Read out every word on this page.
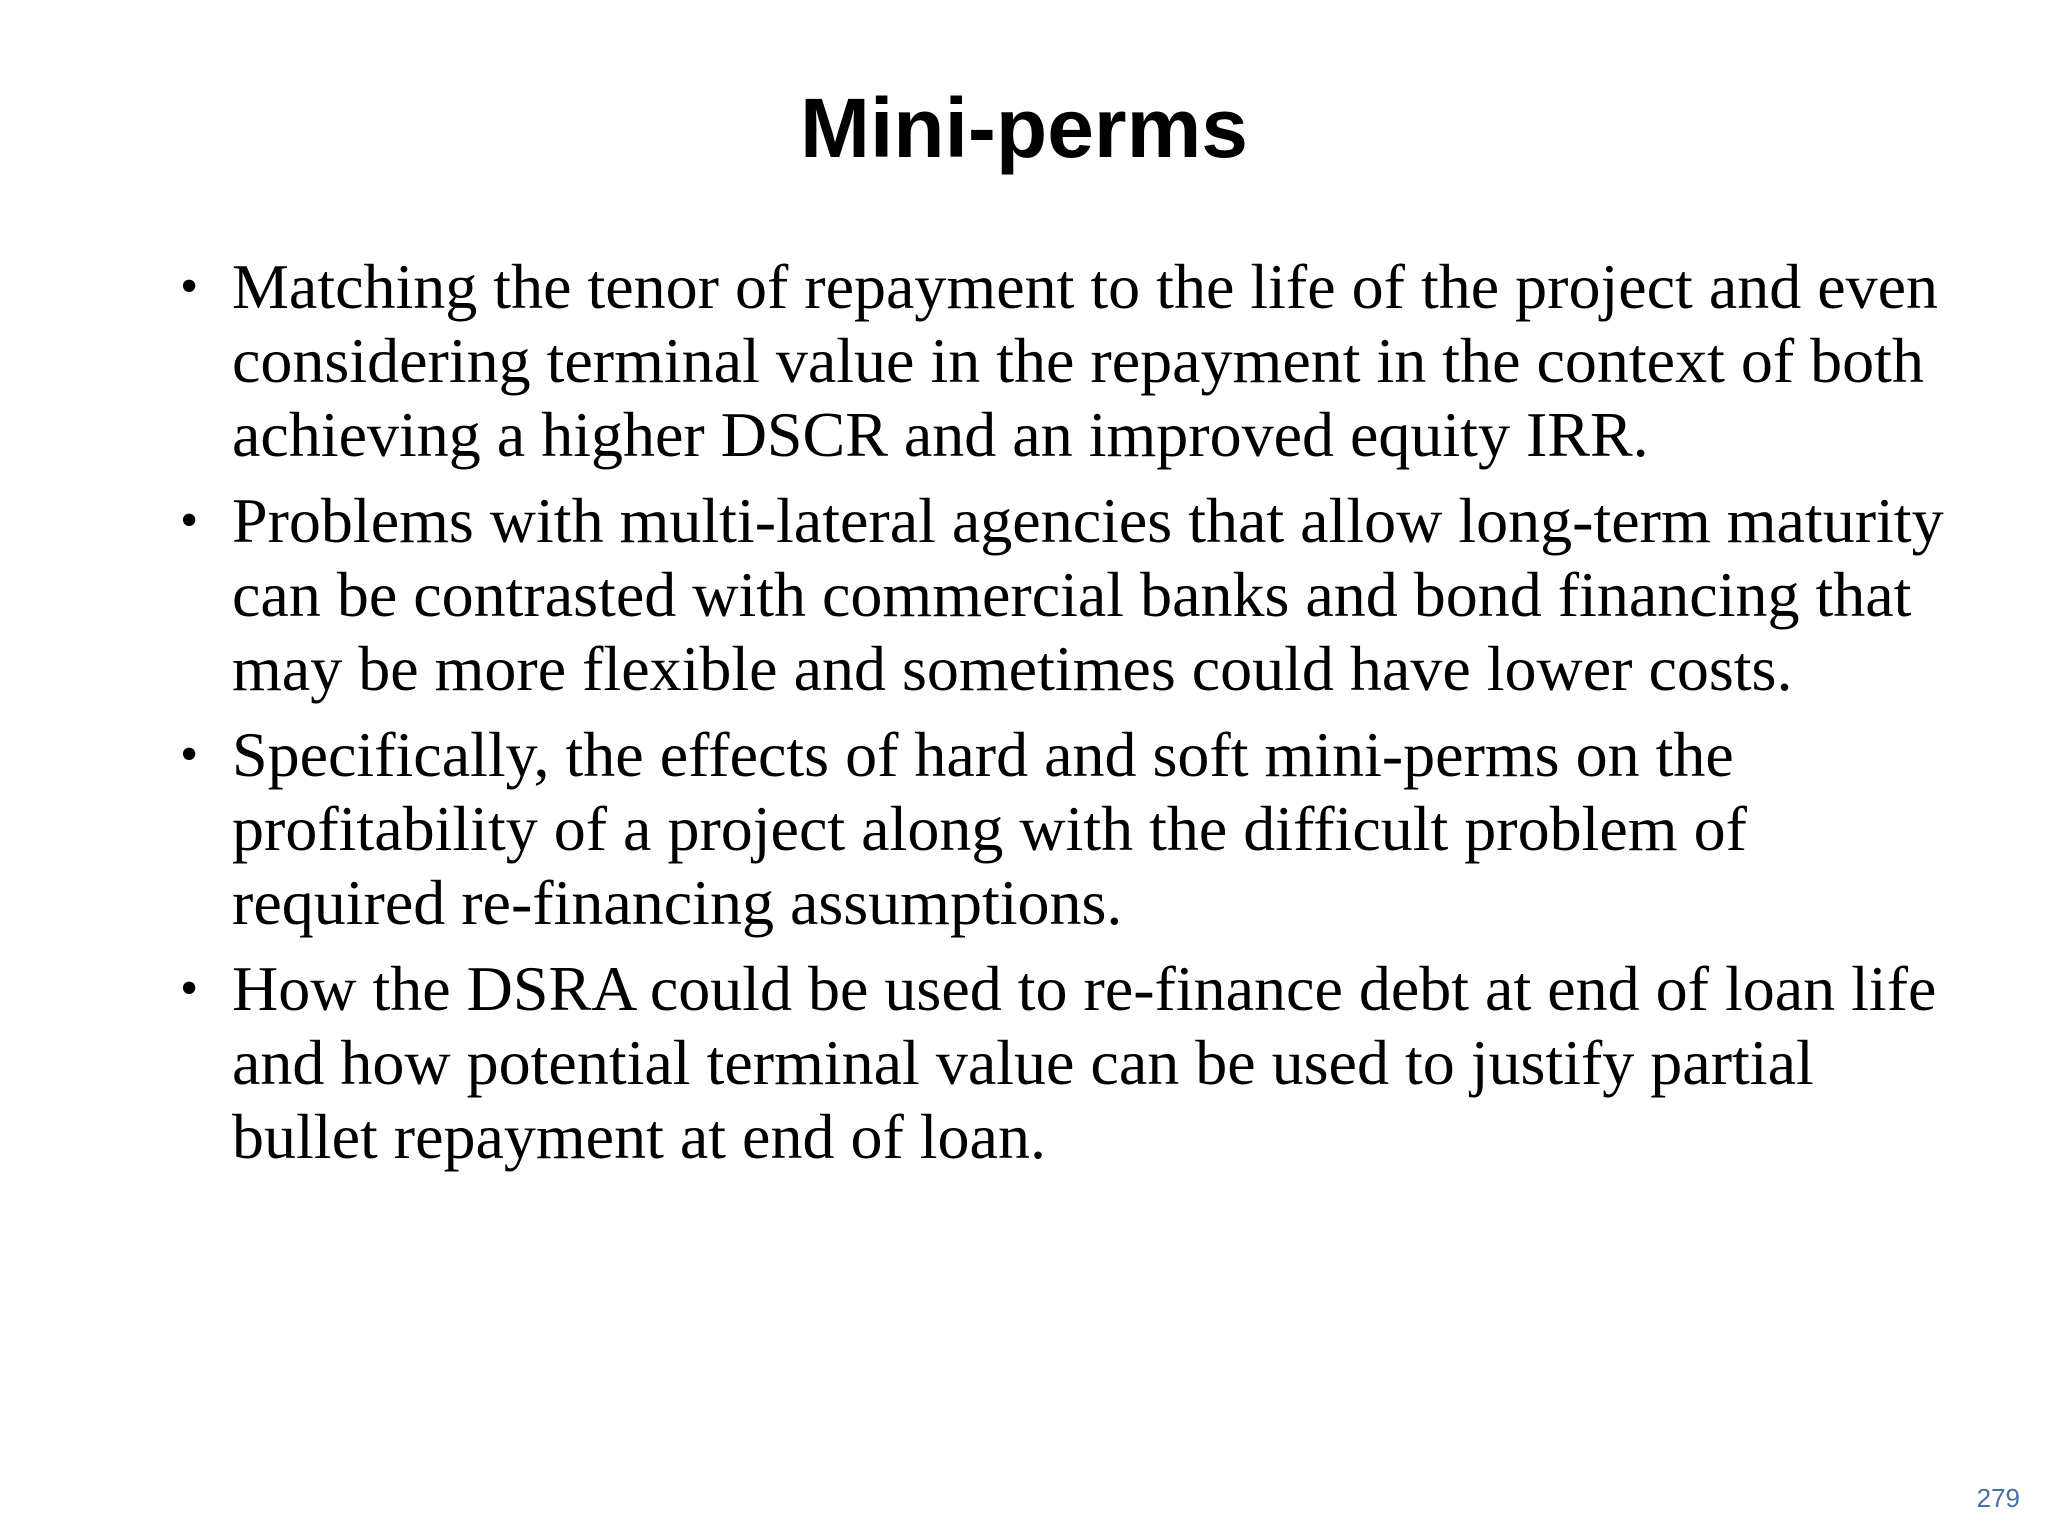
Mini-perms
• Matching the tenor of repayment to the life of the project and even considering terminal value in the repayment in the context of both achieving a higher DSCR and an improved equity IRR.
• Problems with multi-lateral agencies that allow long-term maturity can be contrasted with commercial banks and bond financing that may be more flexible and sometimes could have lower costs.
• Specifically, the effects of hard and soft mini-perms on the profitability of a project along with the difficult problem of required re-financing assumptions.
• How the DSRA could be used to re-finance debt at end of loan life and how potential terminal value can be used to justify partial bullet repayment at end of loan.
279
